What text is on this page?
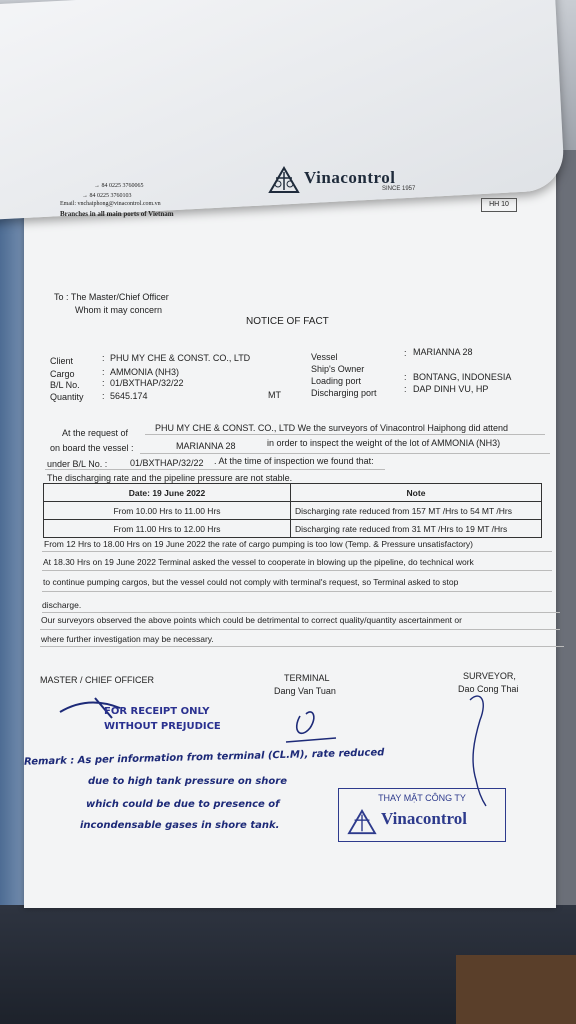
→ 84 0225 3760065
→ 84 0225 3760103
Email: vnchaiphong@vinacontrol.com.vn
Branches in all main ports of Vietnam
Vinacontrol
SINCE 1957
HH 10
To : The Master/Chief Officer
Whom it may concern
NOTICE OF FACT
Client	: PHU MY CHE & CONST. CO., LTD
Cargo	: AMMONIA (NH3)
B/L No. : 01/BXTHAP/32/22
Quantity : 5645.174	MT
Vessel	: MARIANNA 28
Ship's Owner
Loading port	: BONTANG, INDONESIA
Discharging port	: DAP DINH VU, HP
At the request of	PHU MY CHE & CONST. CO., LTD We the surveyors of Vinacontrol Haiphong did attend
on board the vessel :	MARIANNA 28	in order to inspect the weight of the lot of AMMONIA (NH3)
under B/L No. :	01/BXTHAP/32/22 . At the time of inspection we found that:
The discharging rate and the pipeline pressure are not stable.
Date: 19 June 2022	Note
From 10.00 Hrs to 11.00 Hrs	Discharging rate reduced from 157 MT /Hrs to 54 MT /Hrs
From 11.00 Hrs to 12.00 Hrs	Discharging rate reduced from 31 MT /Hrs to 19 MT /Hrs
From 12 Hrs to 18.00 Hrs on 19 June 2022 the rate of cargo pumping is too low (Temp. & Pressure unsatisfactory)
At 18.30 Hrs on 19 June 2022 Terminal asked the vessel to cooperate in blowing up the pipeline, do technical work
to continue pumping cargos, but the vessel could not comply with terminal's request, so Terminal asked to stop
discharge.
Our surveyors observed the above points which could be detrimental to correct quality/quantity ascertainment or
where further investigation may be necessary.
MASTER / CHIEF OFFICER	TERMINAL
Dang Van Tuan
SURVEYOR,
Dao Cong Thai
FOR RECEIPT ONLY
WITHOUT PREJUDICE
Remark : As per information from terminal (CL.M), rate reduced
due to high tank pressure on shore
which could be due to presence of
incondensable gases in shore tank.
THAY MẶT CÔNG TY
Vinacontrol
